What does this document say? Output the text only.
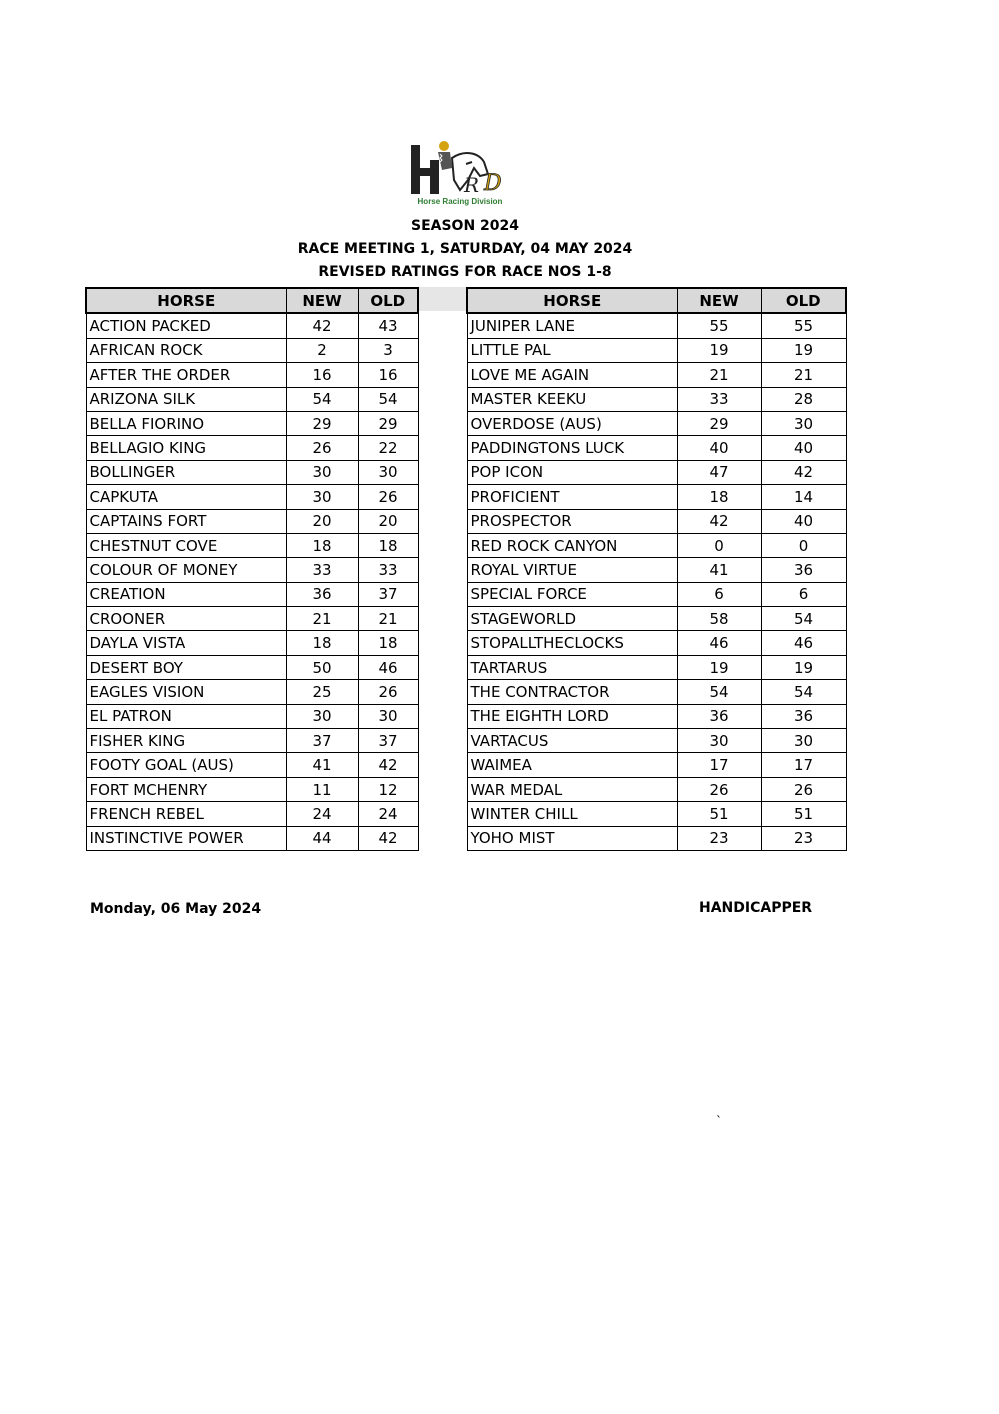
R D
Horse Racing Division
SEASON 2024
RACE MEETING 1, SATURDAY, 04 MAY 2024
REVISED RATINGS FOR RACE NOS 1-8
HORSE	NEW	OLD
ACTION PACKED	42	43
AFRICAN ROCK	2	3
AFTER THE ORDER	16	16
ARIZONA SILK	54	54
BELLA FIORINO	29	29
BELLAGIO KING	26	22
BOLLINGER	30	30
CAPKUTA	30	26
CAPTAINS FORT	20	20
CHESTNUT COVE	18	18
COLOUR OF MONEY	33	33
CREATION	36	37
CROONER	21	21
DAYLA VISTA	18	18
DESERT BOY	50	46
EAGLES VISION	25	26
EL PATRON	30	30
FISHER KING	37	37
FOOTY GOAL (AUS)	41	42
FORT MCHENRY	11	12
FRENCH REBEL	24	24
INSTINCTIVE POWER	44	42
HORSE	NEW	OLD
JUNIPER LANE	55	55
LITTLE PAL	19	19
LOVE ME AGAIN	21	21
MASTER KEEKU	33	28
OVERDOSE (AUS)	29	30
PADDINGTONS LUCK	40	40
POP ICON	47	42
PROFICIENT	18	14
PROSPECTOR	42	40
RED ROCK CANYON	0	0
ROYAL VIRTUE	41	36
SPECIAL FORCE	6	6
STAGEWORLD	58	54
STOPALLTHECLOCKS	46	46
TARTARUS	19	19
THE CONTRACTOR	54	54
THE EIGHTH LORD	36	36
VARTACUS	30	30
WAIMEA	17	17
WAR MEDAL	26	26
WINTER CHILL	51	51
YOHO MIST	23	23
Monday, 06 May 2024	HANDICAPPER
`
